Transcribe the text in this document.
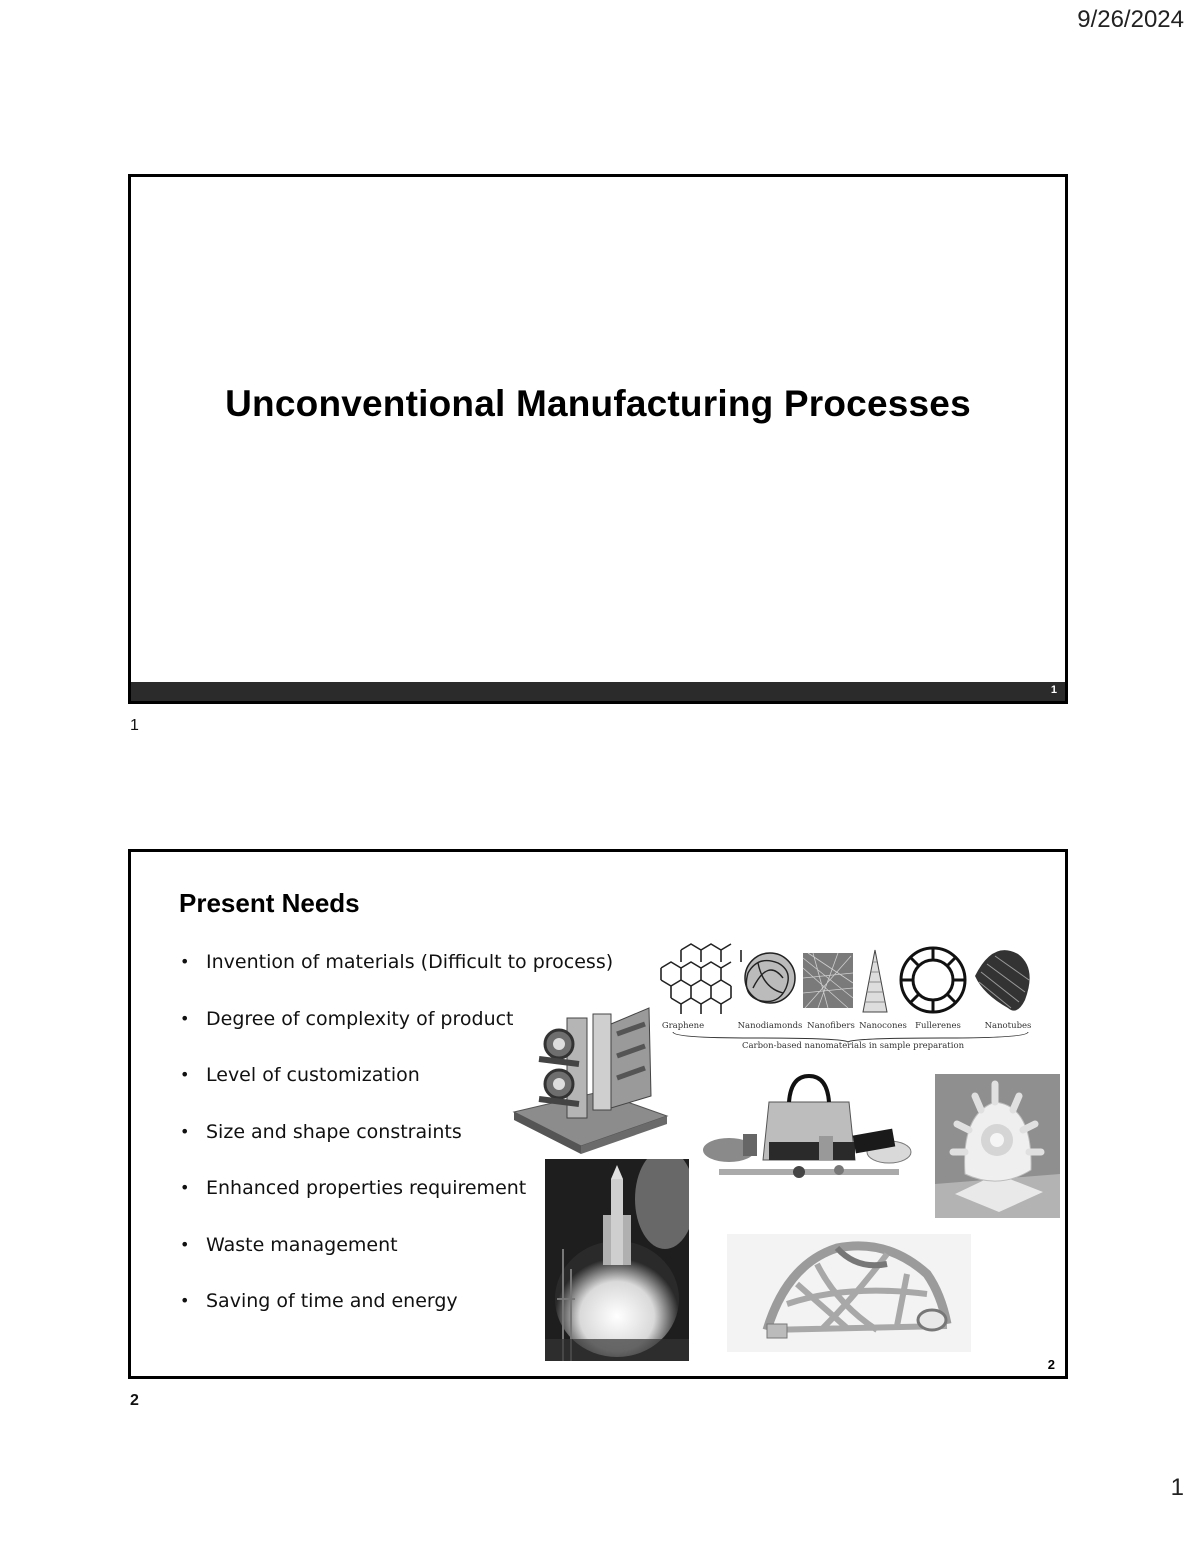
9/26/2024
Unconventional Manufacturing Processes
1
1
Present Needs
• Invention of materials (Difficult to process)
• Degree of complexity of product
• Level of customization
• Size and shape constraints
• Enhanced properties requirement
• Waste management
• Saving of time and energy
Graphene	Nanodiamonds Nanofibers Nanocones Fullerenes	Nanotubes
Carbon-based nanomaterials in sample preparation
2
2
1
